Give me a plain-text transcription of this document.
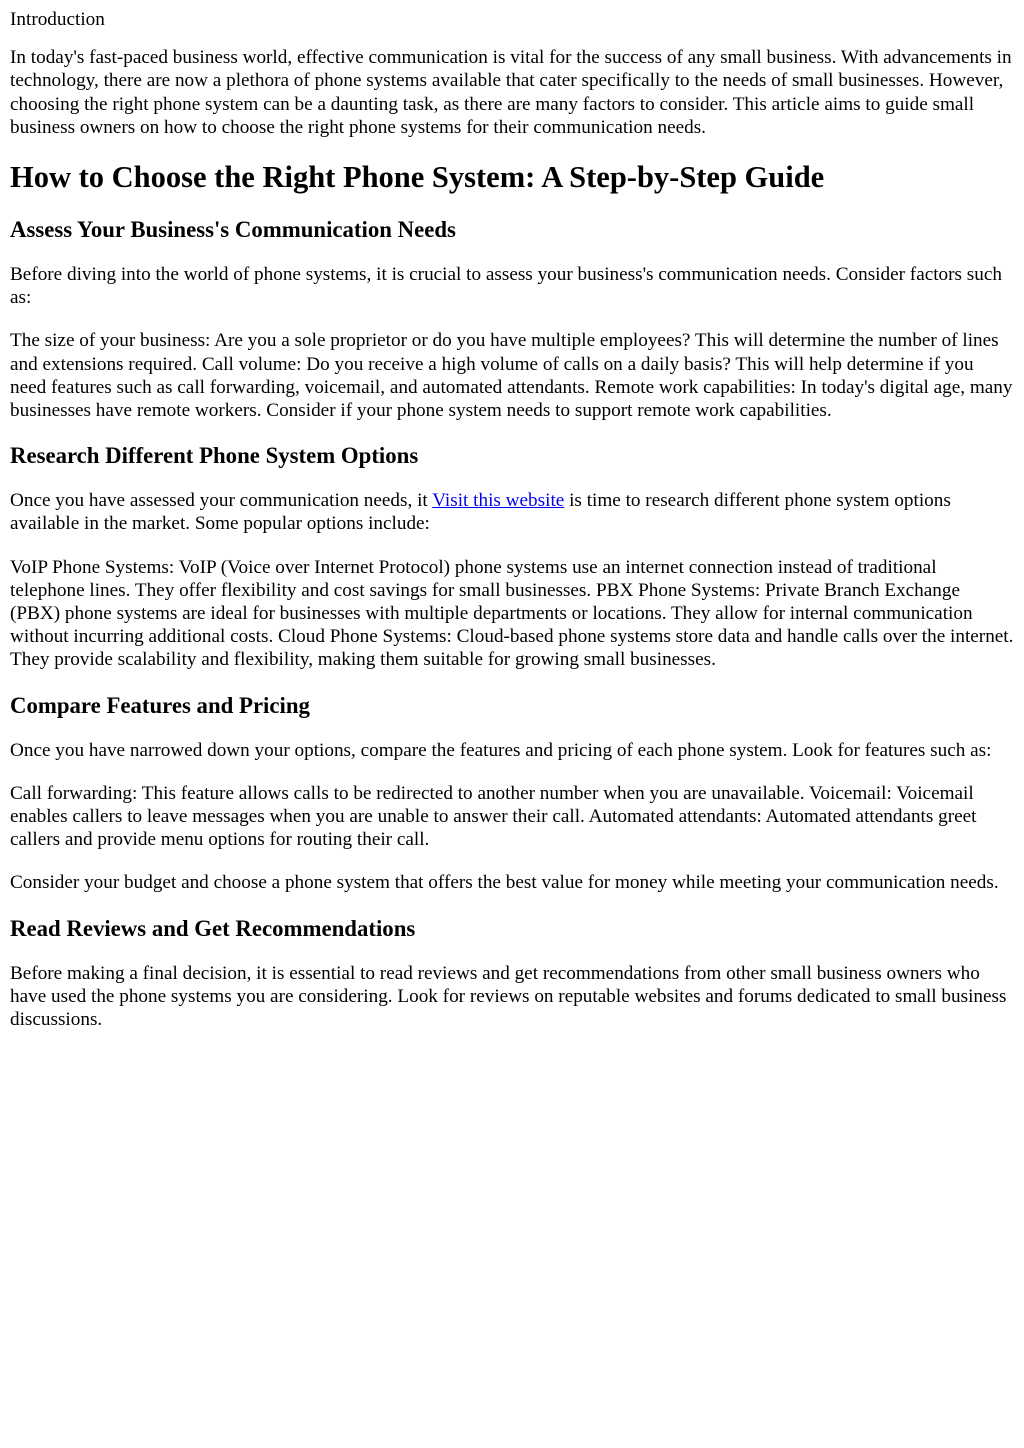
Introduction

In today's fast-paced business world, effective communication is vital for the success of any small business. With advancements in technology, there are now a plethora of phone systems available that cater specifically to the needs of small businesses. However, choosing the right phone system can be a daunting task, as there are many factors to consider. This article aims to guide small business owners on how to choose the right phone systems for their communication needs.

How to Choose the Right Phone System: A Step-by-Step Guide
Assess Your Business's Communication Needs

Before diving into the world of phone systems, it is crucial to assess your business's communication needs. Consider factors such as:

The size of your business: Are you a sole proprietor or do you have multiple employees? This will determine the number of lines and extensions required. Call volume: Do you receive a high volume of calls on a daily basis? This will help determine if you need features such as call forwarding, voicemail, and automated attendants. Remote work capabilities: In today's digital age, many businesses have remote workers. Consider if your phone system needs to support remote work capabilities.

Research Different Phone System Options

Once you have assessed your communication needs, it Visit this website is time to research different phone system options available in the market. Some popular options include:

VoIP Phone Systems: VoIP (Voice over Internet Protocol) phone systems use an internet connection instead of traditional telephone lines. They offer flexibility and cost savings for small businesses. PBX Phone Systems: Private Branch Exchange (PBX) phone systems are ideal for businesses with multiple departments or locations. They allow for internal communication without incurring additional costs. Cloud Phone Systems: Cloud-based phone systems store data and handle calls over the internet. They provide scalability and flexibility, making them suitable for growing small businesses.

Compare Features and Pricing

Once you have narrowed down your options, compare the features and pricing of each phone system. Look for features such as:

Call forwarding: This feature allows calls to be redirected to another number when you are unavailable. Voicemail: Voicemail enables callers to leave messages when you are unable to answer their call. Automated attendants: Automated attendants greet callers and provide menu options for routing their call.

Consider your budget and choose a phone system that offers the best value for money while meeting your communication needs.

Read Reviews and Get Recommendations

Before making a final decision, it is essential to read reviews and get recommendations from other small business owners who have used the phone systems you are considering. Look for reviews on reputable websites and forums dedicated to small business discussions.
